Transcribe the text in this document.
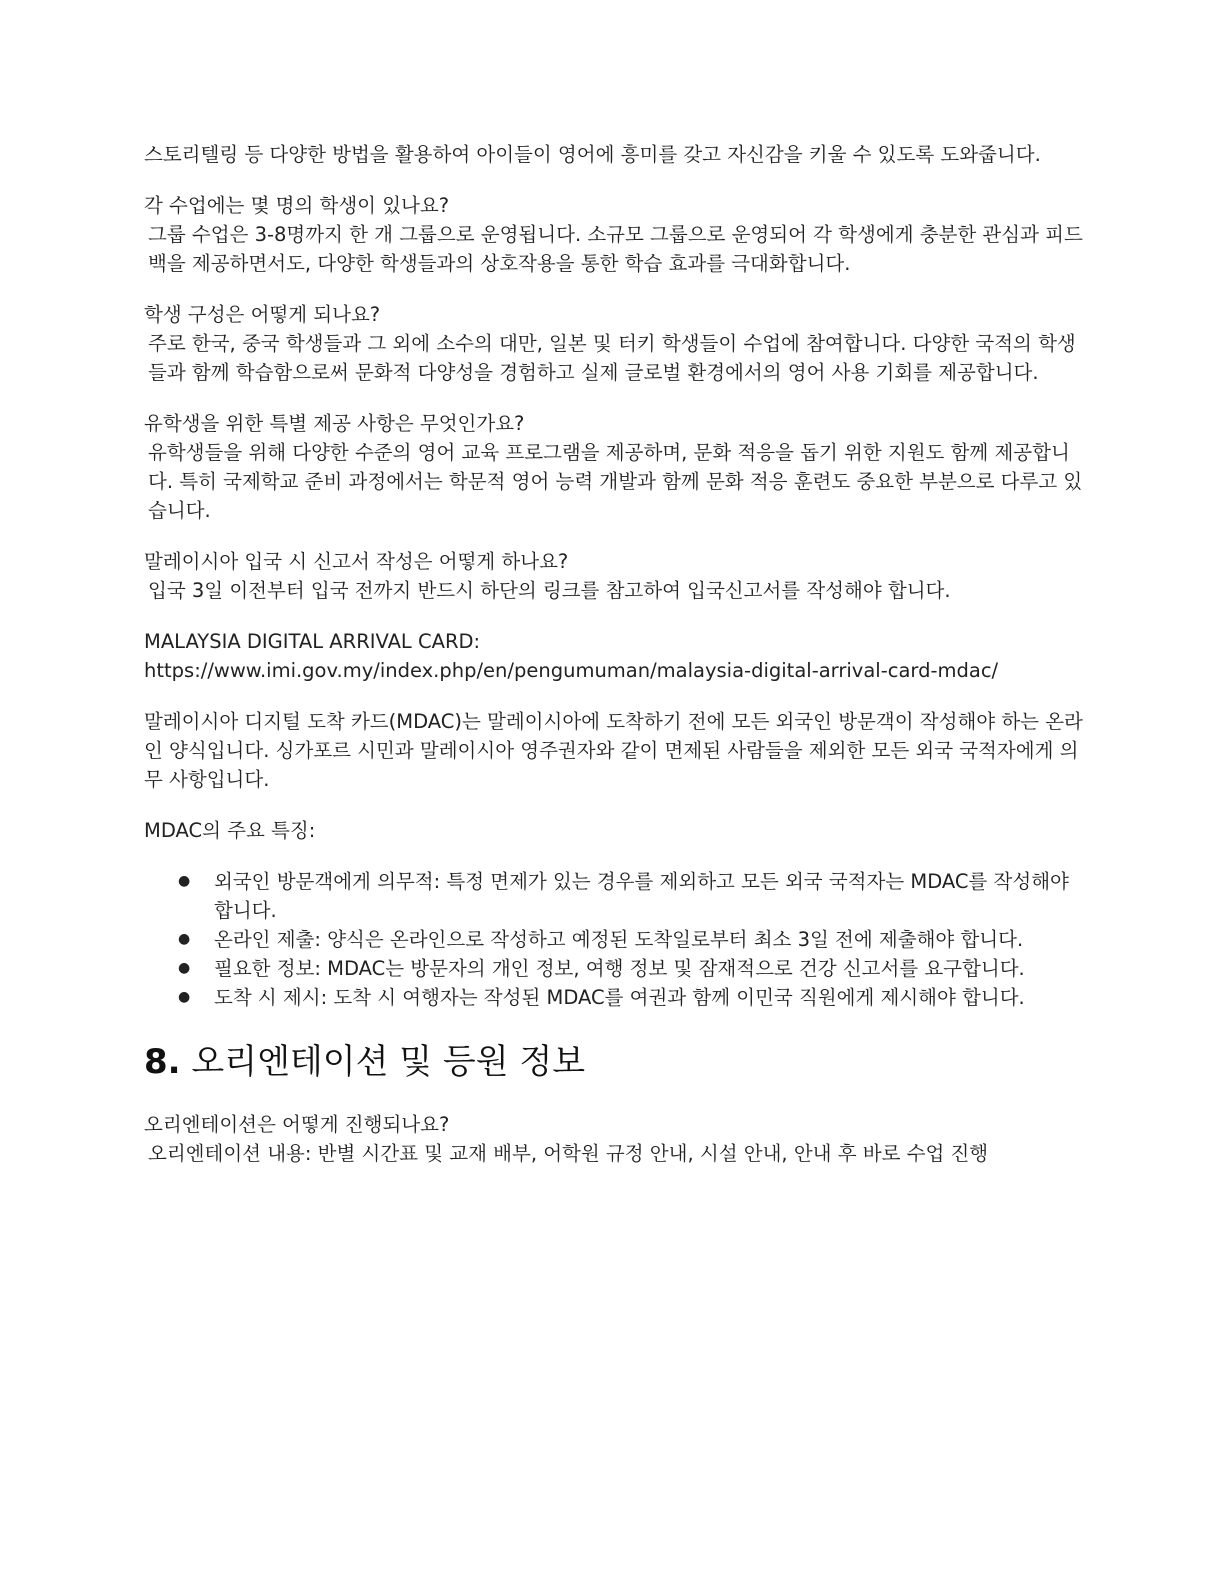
스토리텔링 등 다양한 방법을 활용하여 아이들이 영어에 흥미를 갖고 자신감을 키울 수 있도록 도와줍니다.

각 수업에는 몇 명의 학생이 있나요?
그룹 수업은 3-8명까지 한 개 그룹으로 운영됩니다. 소규모 그룹으로 운영되어 각 학생에게 충분한 관심과 피드백을 제공하면서도, 다양한 학생들과의 상호작용을 통한 학습 효과를 극대화합니다.
학생 구성은 어떻게 되나요?
주로 한국, 중국 학생들과 그 외에 소수의 대만, 일본 및 터키 학생들이 수업에 참여합니다. 다양한 국적의 학생들과 함께 학습함으로써 문화적 다양성을 경험하고 실제 글로벌 환경에서의 영어 사용 기회를 제공합니다.
유학생을 위한 특별 제공 사항은 무엇인가요?
유학생들을 위해 다양한 수준의 영어 교육 프로그램을 제공하며, 문화 적응을 돕기 위한 지원도 함께 제공합니다. 특히 국제학교 준비 과정에서는 학문적 영어 능력 개발과 함께 문화 적응 훈련도 중요한 부분으로 다루고 있습니다.
말레이시아 입국 시 신고서 작성은 어떻게 하나요?
입국 3일 이전부터 입국 전까지 반드시 하단의 링크를 참고하여 입국신고서를 작성해야 합니다.

MALAYSIA DIGITAL ARRIVAL CARD:

https://www.imi.gov.my/index.php/en/pengumuman/malaysia-digital-arrival-card-mdac/

말레이시아 디지털 도착 카드(MDAC)는 말레이시아에 도착하기 전에 모든 외국인 방문객이 작성해야 하는 온라인 양식입니다. 싱가포르 시민과 말레이시아 영주권자와 같이 면제된 사람들을 제외한 모든 외국 국적자에게 의무 사항입니다.

MDAC의 주요 특징:

● 외국인 방문객에게 의무적: 특정 면제가 있는 경우를 제외하고 모든 외국 국적자는 MDAC를 작성해야 합니다.
● 온라인 제출: 양식은 온라인으로 작성하고 예정된 도착일로부터 최소 3일 전에 제출해야 합니다.
● 필요한 정보: MDAC는 방문자의 개인 정보, 여행 정보 및 잠재적으로 건강 신고서를 요구합니다.
● 도착 시 제시: 도착 시 여행자는 작성된 MDAC를 여권과 함께 이민국 직원에게 제시해야 합니다.
8. 오리엔테이션 및 등원 정보
오리엔테이션은 어떻게 진행되나요?
오리엔테이션 내용: 반별 시간표 및 교재 배부, 어학원 규정 안내, 시설 안내, 안내 후 바로 수업 진행
